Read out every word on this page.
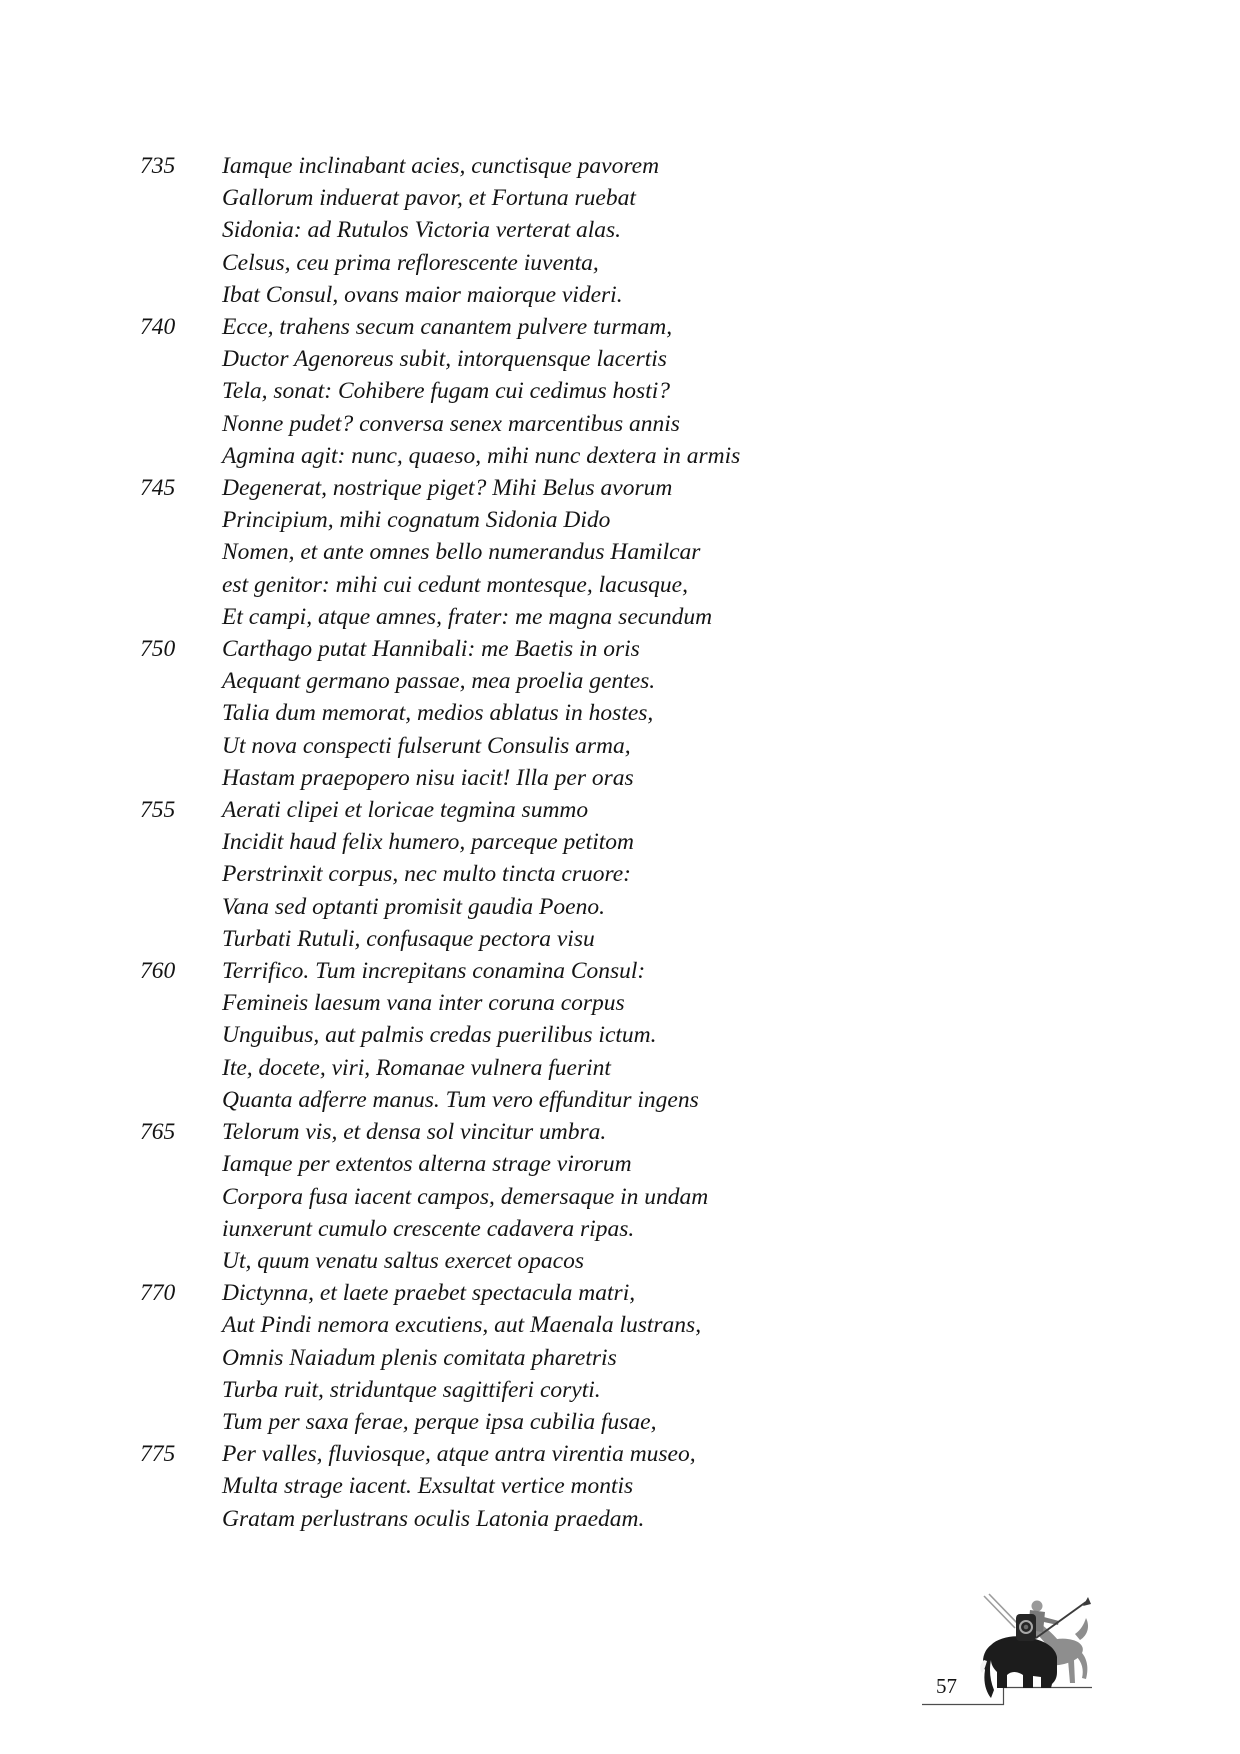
735	Iamque inclinabant acies, cunctisque pavorem
Gallorum induerat pavor, et Fortuna ruebat
Sidonia: ad Rutulos Victoria verterat alas.
Celsus, ceu prima reflorescente iuventa,
Ibat Consul, ovans maior maiorque videri.
740	Ecce, trahens secum canantem pulvere turmam,
Ductor Agenoreus subit, intorquensque lacertis
Tela, sonat: Cohibere fugam cui cedimus hosti?
Nonne pudet? conversa senex marcentibus annis
Agmina agit: nunc, quaeso, mihi nunc dextera in armis
745	Degenerat, nostrique piget? Mihi Belus avorum
Principium, mihi cognatum Sidonia Dido
Nomen, et ante omnes bello numerandus Hamilcar
est genitor: mihi cui cedunt montesque, lacusque,
Et campi, atque amnes, frater: me magna secundum
750	Carthago putat Hannibali: me Baetis in oris
Aequant germano passae, mea proelia gentes.
Talia dum memorat, medios ablatus in hostes,
Ut nova conspecti fulserunt Consulis arma,
Hastam praepopero nisu iacit! Illa per oras
755	Aerati clipei et loricae tegmina summo
Incidit haud felix humero, parceque petitom
Perstrinxit corpus, nec multo tincta cruore:
Vana sed optanti promisit gaudia Poeno.
Turbati Rutuli, confusaque pectora visu
760	Terrifico. Tum increpitans conamina Consul:
Femineis laesum vana inter coruna corpus
Unguibus, aut palmis credas puerilibus ictum.
Ite, docete, viri, Romanae vulnera fuerint
Quanta adferre manus. Tum vero effunditur ingens
765	Telorum vis, et densa sol vincitur umbra.
Iamque per extentos alterna strage virorum
Corpora fusa iacent campos, demersaque in undam
iunxerunt cumulo crescente cadavera ripas.
Ut, quum venatu saltus exercet opacos
770	Dictynna, et laete praebet spectacula matri,
Aut Pindi nemora excutiens, aut Maenala lustrans,
Omnis Naiadum plenis comitata pharetris
Turba ruit, striduntque sagittiferi coryti.
Tum per saxa ferae, perque ipsa cubilia fusae,
775	Per valles, fluviosque, atque antra virentia museo,
Multa strage iacent. Exsultat vertice montis
Gratam perlustrans oculis Latonia praedam.
57
